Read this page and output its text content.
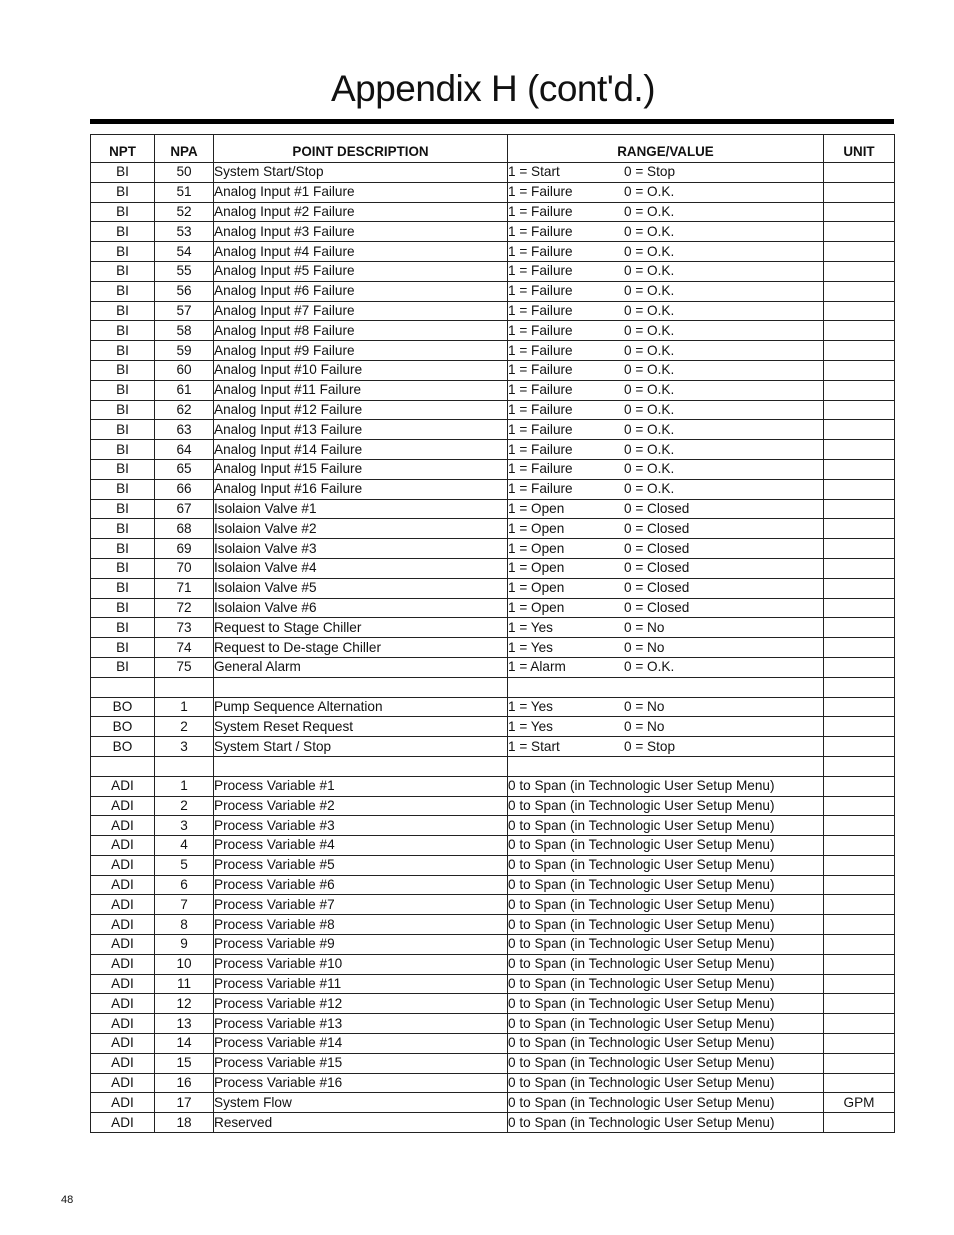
Appendix H (cont'd.)
NPT	NPA	POINT DESCRIPTION	RANGE/VALUE	UNIT
BI	50	System Start/Stop	1 = Start 0 = Stop	
BI	51	Analog Input #1 Failure	1 = Failure 0 = O.K.	
BI	52	Analog Input #2 Failure	1 = Failure 0 = O.K.	
BI	53	Analog Input #3 Failure	1 = Failure 0 = O.K.	
BI	54	Analog Input #4 Failure	1 = Failure 0 = O.K.	
BI	55	Analog Input #5 Failure	1 = Failure 0 = O.K.	
BI	56	Analog Input #6 Failure	1 = Failure 0 = O.K.	
BI	57	Analog Input #7 Failure	1 = Failure 0 = O.K.	
BI	58	Analog Input #8 Failure	1 = Failure 0 = O.K.	
BI	59	Analog Input #9 Failure	1 = Failure 0 = O.K.	
BI	60	Analog Input #10 Failure	1 = Failure 0 = O.K.	
BI	61	Analog Input #11 Failure	1 = Failure 0 = O.K.	
BI	62	Analog Input #12 Failure	1 = Failure 0 = O.K.	
BI	63	Analog Input #13 Failure	1 = Failure 0 = O.K.	
BI	64	Analog Input #14 Failure	1 = Failure 0 = O.K.	
BI	65	Analog Input #15 Failure	1 = Failure 0 = O.K.	
BI	66	Analog Input #16 Failure	1 = Failure 0 = O.K.	
BI	67	Isolaion Valve #1	1 = Open 0 = Closed	
BI	68	Isolaion Valve #2	1 = Open 0 = Closed	
BI	69	Isolaion Valve #3	1 = Open 0 = Closed	
BI	70	Isolaion Valve #4	1 = Open 0 = Closed	
BI	71	Isolaion Valve #5	1 = Open 0 = Closed	
BI	72	Isolaion Valve #6	1 = Open 0 = Closed	
BI	73	Request to Stage Chiller	1 = Yes 0 = No	
BI	74	Request to De-stage Chiller	1 = Yes 0 = No	
BI	75	General Alarm	1 = Alarm 0 = O.K.	

BO	1	Pump Sequence Alternation	1 = Yes 0 = No	
BO	2	System Reset Request	1 = Yes 0 = No	
BO	3	System Start / Stop	1 = Start 0 = Stop	

ADI	1	Process Variable #1	0 to Span (in Technologic User Setup Menu)	
ADI	2	Process Variable #2	0 to Span (in Technologic User Setup Menu)	
ADI	3	Process Variable #3	0 to Span (in Technologic User Setup Menu)	
ADI	4	Process Variable #4	0 to Span (in Technologic User Setup Menu)	
ADI	5	Process Variable #5	0 to Span (in Technologic User Setup Menu)	
ADI	6	Process Variable #6	0 to Span (in Technologic User Setup Menu)	
ADI	7	Process Variable #7	0 to Span (in Technologic User Setup Menu)	
ADI	8	Process Variable #8	0 to Span (in Technologic User Setup Menu)	
ADI	9	Process Variable #9	0 to Span (in Technologic User Setup Menu)	
ADI	10	Process Variable #10	0 to Span (in Technologic User Setup Menu)	
ADI	11	Process Variable #11	0 to Span (in Technologic User Setup Menu)	
ADI	12	Process Variable #12	0 to Span (in Technologic User Setup Menu)	
ADI	13	Process Variable #13	0 to Span (in Technologic User Setup Menu)	
ADI	14	Process Variable #14	0 to Span (in Technologic User Setup Menu)	
ADI	15	Process Variable #15	0 to Span (in Technologic User Setup Menu)	
ADI	16	Process Variable #16	0 to Span (in Technologic User Setup Menu)	
ADI	17	System Flow	0 to Span (in Technologic User Setup Menu)	GPM
ADI	18	Reserved	0 to Span (in Technologic User Setup Menu)	
48
